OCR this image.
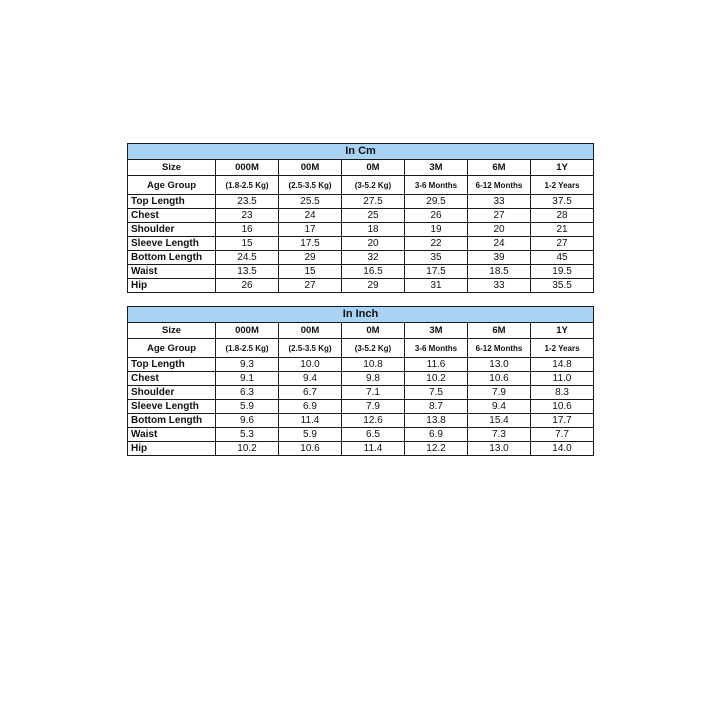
In Cm						
Size	000M	00M	0M	3M	6M	1Y
Age Group	(1.8-2.5 Kg)	(2.5-3.5 Kg)	(3-5.2 Kg)	3-6 Months	6-12 Months	1-2 Years
Top Length	23.5	25.5	27.5	29.5	33	37.5
Chest	23	24	25	26	27	28
Shoulder	16	17	18	19	20	21
Sleeve Length	15	17.5	20	22	24	27
Bottom Length	24.5	29	32	35	39	45
Waist	13.5	15	16.5	17.5	18.5	19.5
Hip	26	27	29	31	33	35.5
In Inch						
Size	000M	00M	0M	3M	6M	1Y
Age Group	(1.8-2.5 Kg)	(2.5-3.5 Kg)	(3-5.2 Kg)	3-6 Months	6-12 Months	1-2 Years
Top Length	9.3	10.0	10.8	11.6	13.0	14.8
Chest	9.1	9.4	9.8	10.2	10.6	11.0
Shoulder	6.3	6.7	7.1	7.5	7.9	8.3
Sleeve Length	5.9	6.9	7.9	8.7	9.4	10.6
Bottom Length	9.6	11.4	12.6	13.8	15.4	17.7
Waist	5.3	5.9	6.5	6.9	7.3	7.7
Hip	10.2	10.6	11.4	12.2	13.0	14.0
